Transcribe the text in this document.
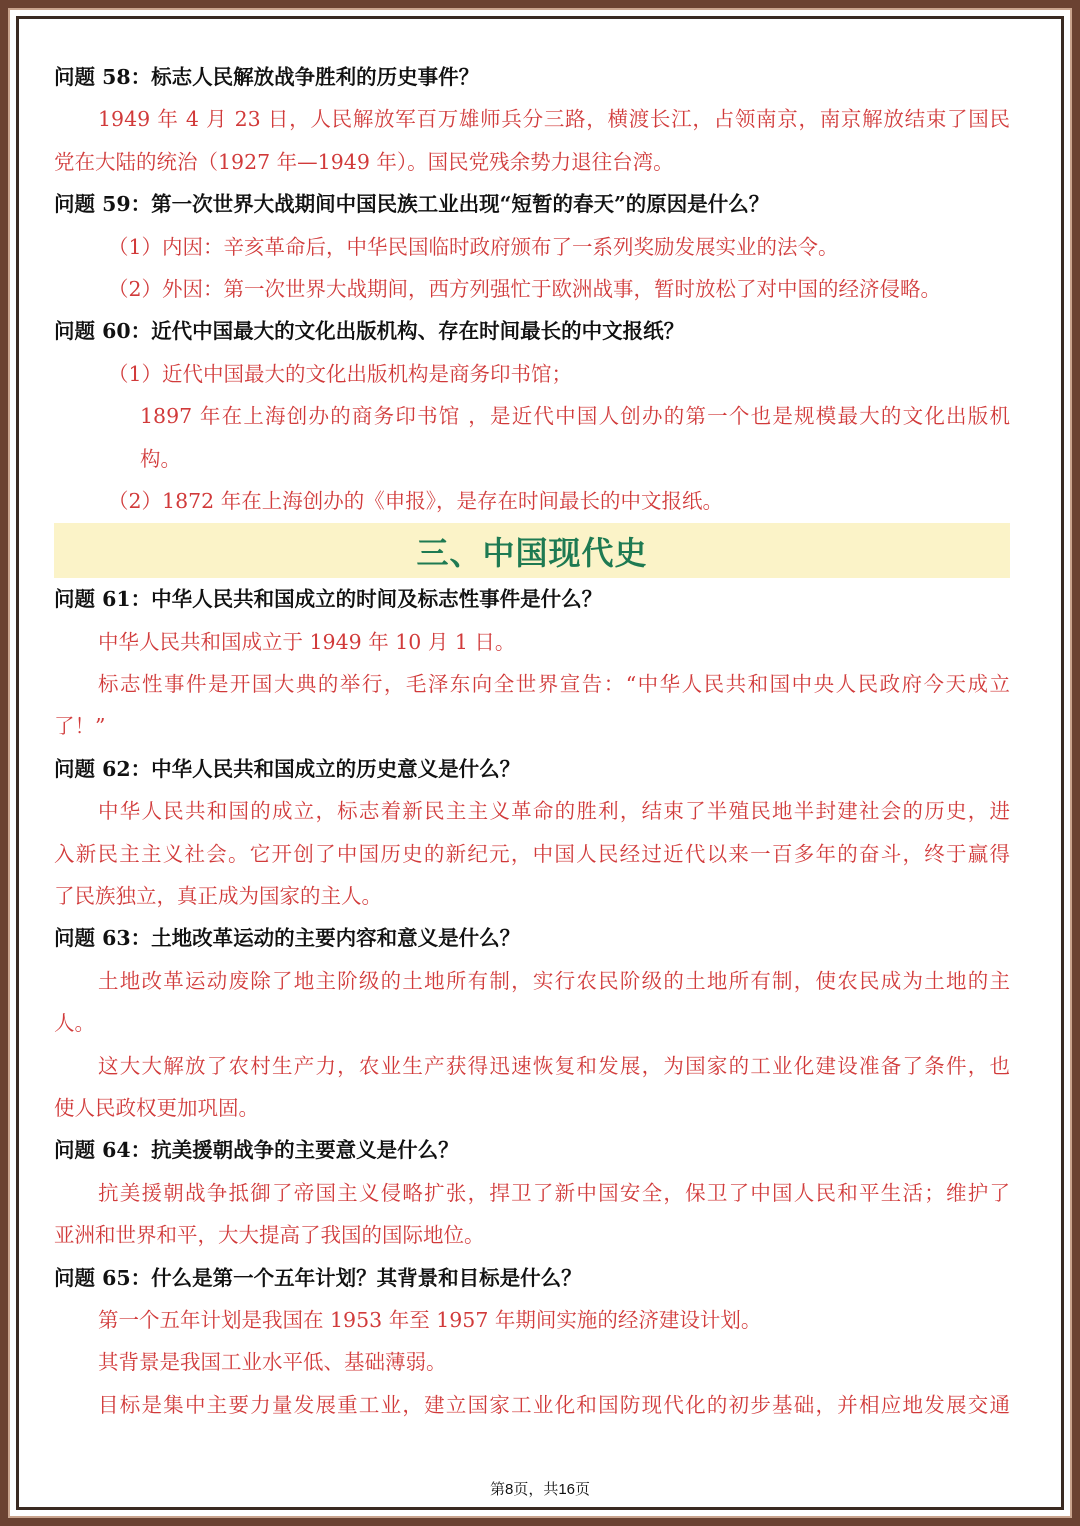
问题 58：标志人民解放战争胜利的历史事件？
1949 年 4 月 23 日，人民解放军百万雄师兵分三路，横渡长江，占领南京，南京解放结束了国民
党在大陆的统治（1927 年—1949 年）。国民党残余势力退往台湾。
问题 59：第一次世界大战期间中国民族工业出现“短暂的春天”的原因是什么？
（1）内因：辛亥革命后，中华民国临时政府颁布了一系列奖励发展实业的法令。
（2）外因：第一次世界大战期间，西方列强忙于欧洲战事，暂时放松了对中国的经济侵略。
问题 60：近代中国最大的文化出版机构、存在时间最长的中文报纸？
（1）近代中国最大的文化出版机构是商务印书馆；
1897 年在上海创办的商务印书馆 ，是近代中国人创办的第一个也是规模最大的文化出版机
构。
（2）1872 年在上海创办的《申报》，是存在时间最长的中文报纸。
三、中国现代史
问题 61：中华人民共和国成立的时间及标志性事件是什么？
中华人民共和国成立于 1949 年 10 月 1 日。
标志性事件是开国大典的举行，毛泽东向全世界宣告：“中华人民共和国中央人民政府今天成立
了！”
问题 62：中华人民共和国成立的历史意义是什么？
中华人民共和国的成立，标志着新民主主义革命的胜利，结束了半殖民地半封建社会的历史，进
入新民主主义社会。它开创了中国历史的新纪元，中国人民经过近代以来一百多年的奋斗，终于赢得
了民族独立，真正成为国家的主人。
问题 63：土地改革运动的主要内容和意义是什么？
土地改革运动废除了地主阶级的土地所有制，实行农民阶级的土地所有制，使农民成为土地的主
人。
这大大解放了农村生产力，农业生产获得迅速恢复和发展，为国家的工业化建设准备了条件，也
使人民政权更加巩固。
问题 64：抗美援朝战争的主要意义是什么？
抗美援朝战争抵御了帝国主义侵略扩张，捍卫了新中国安全，保卫了中国人民和平生活；维护了
亚洲和世界和平，大大提高了我国的国际地位。
问题 65：什么是第一个五年计划？其背景和目标是什么？
第一个五年计划是我国在 1953 年至 1957 年期间实施的经济建设计划。
其背景是我国工业水平低、基础薄弱。
目标是集中主要力量发展重工业，建立国家工业化和国防现代化的初步基础，并相应地发展交通
第8页，共16页
